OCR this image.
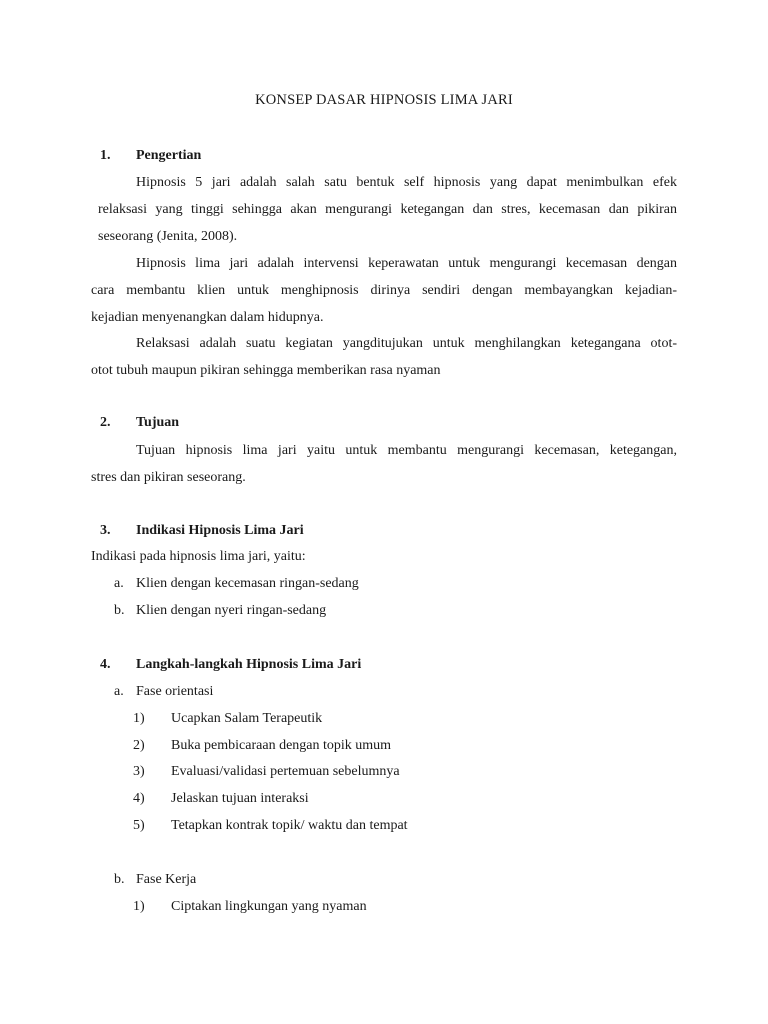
KONSEP DASAR HIPNOSIS LIMA JARI
1. Pengertian
Hipnosis 5 jari adalah salah satu bentuk self hipnosis yang dapat menimbulkan efek
relaksasi yang tinggi sehingga akan mengurangi ketegangan dan stres, kecemasan dan pikiran
seseorang (Jenita, 2008).
Hipnosis lima jari adalah intervensi keperawatan untuk mengurangi kecemasan dengan
cara membantu klien untuk menghipnosis dirinya sendiri dengan membayangkan kejadian-
kejadian menyenangkan dalam hidupnya.
Relaksasi adalah suatu kegiatan yangditujukan untuk menghilangkan ketegangana otot-
otot tubuh maupun pikiran sehingga memberikan rasa nyaman
2. Tujuan
Tujuan hipnosis lima jari yaitu untuk membantu mengurangi kecemasan, ketegangan,
stres dan pikiran seseorang.
3. Indikasi Hipnosis Lima Jari
Indikasi pada hipnosis lima jari, yaitu:
a. Klien dengan kecemasan ringan-sedang
b. Klien dengan nyeri ringan-sedang
4. Langkah-langkah Hipnosis Lima Jari
a. Fase orientasi
1) Ucapkan Salam Terapeutik
2) Buka pembicaraan dengan topik umum
3) Evaluasi/validasi pertemuan sebelumnya
4) Jelaskan tujuan interaksi
5) Tetapkan kontrak topik/ waktu dan tempat
b. Fase Kerja
1) Ciptakan lingkungan yang nyaman
